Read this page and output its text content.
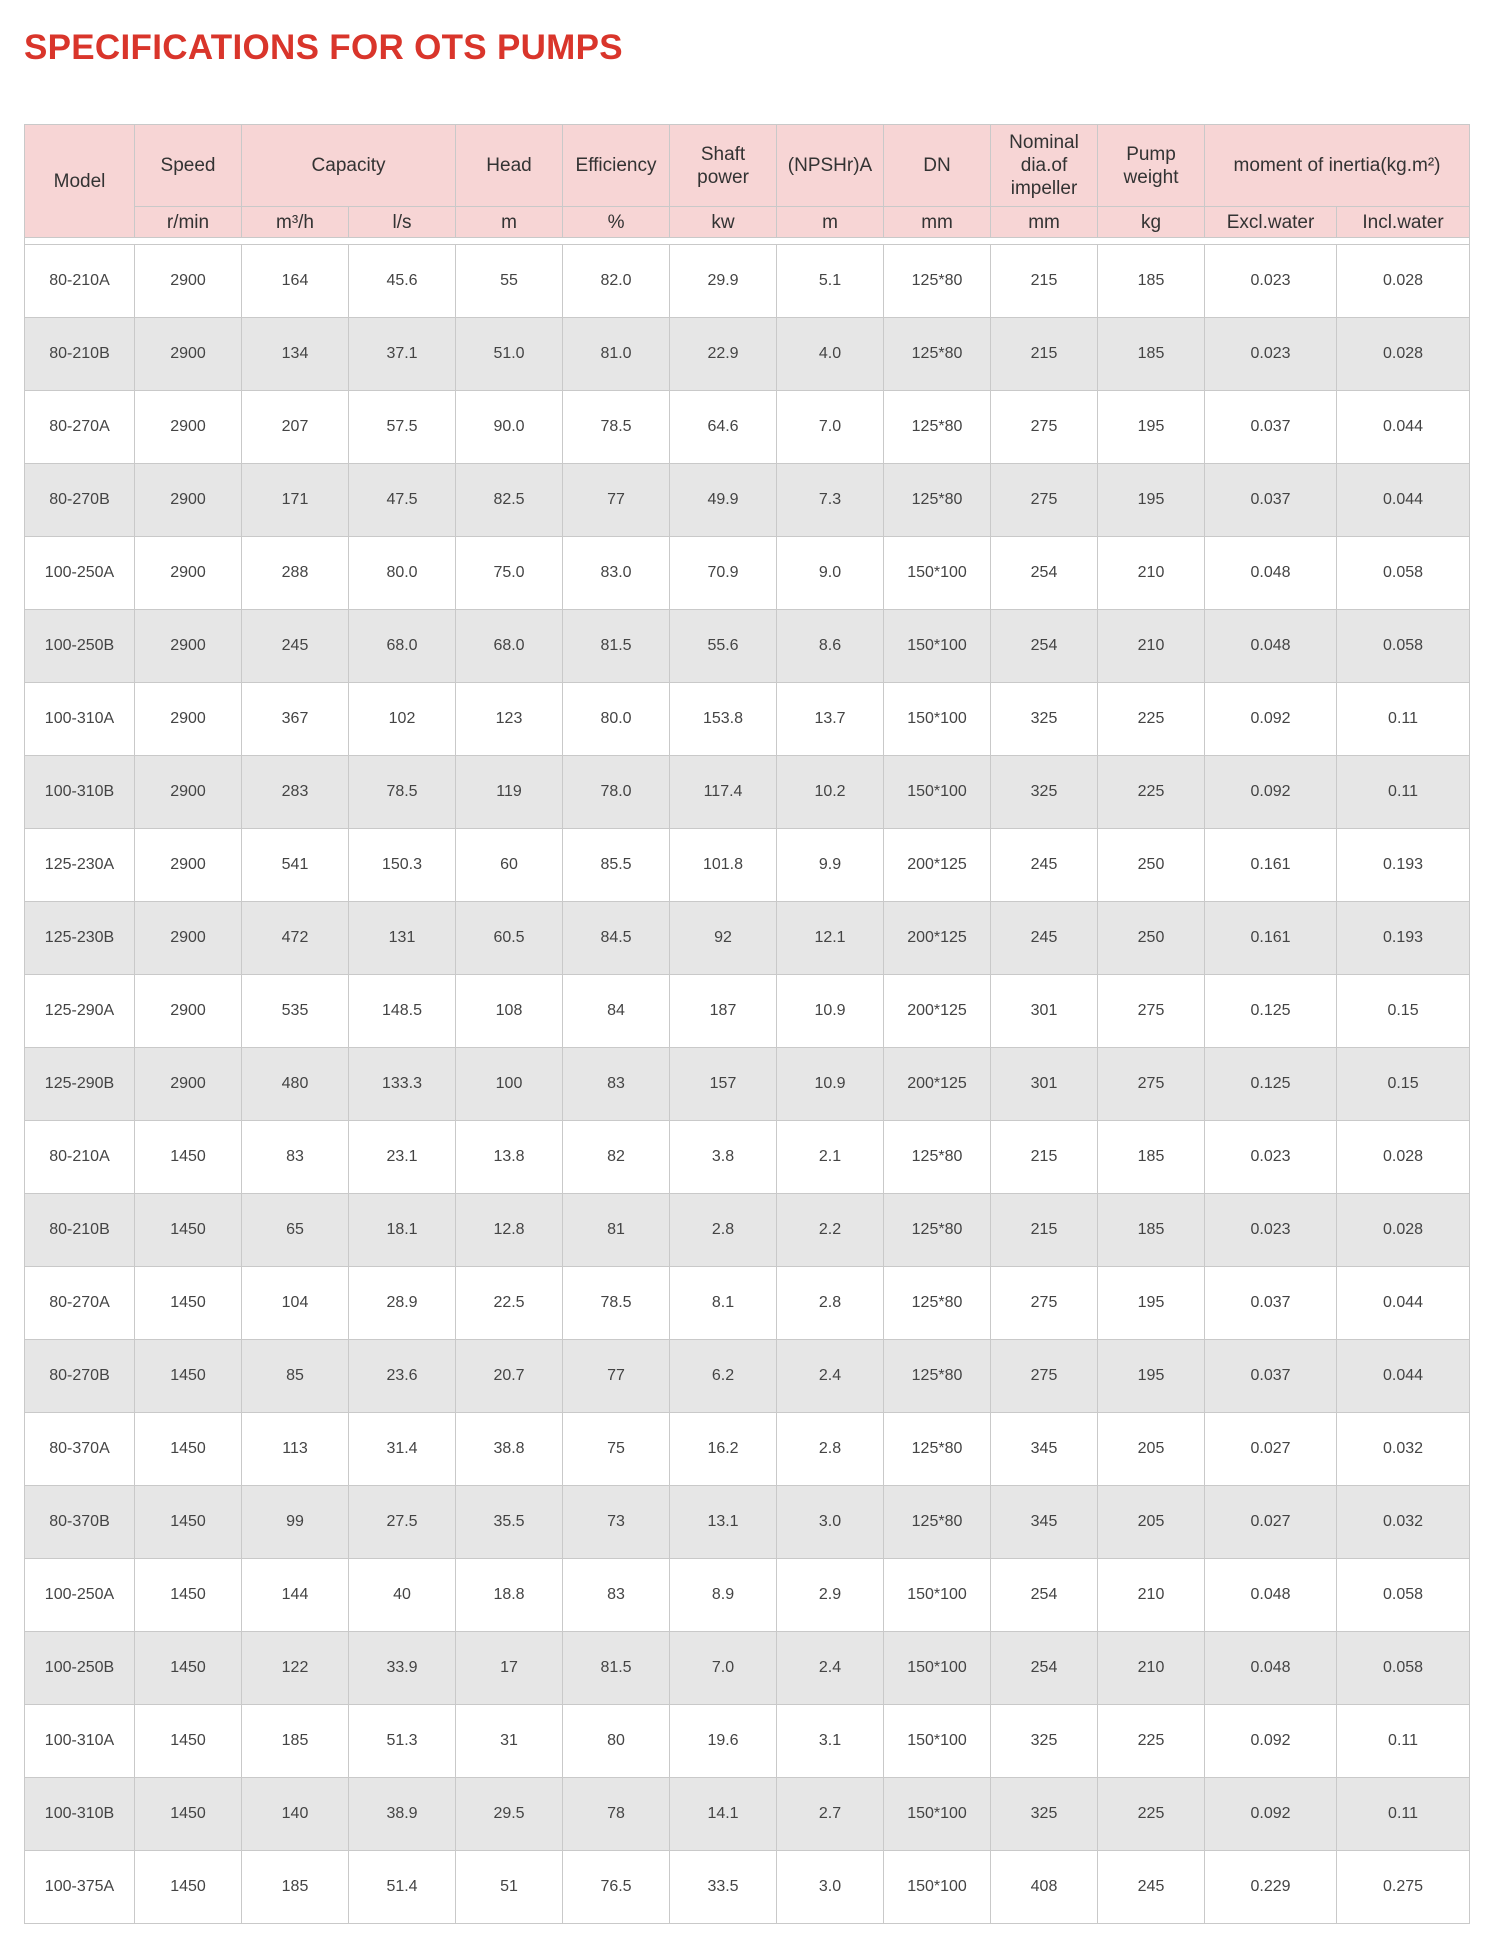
SPECIFICATIONS FOR OTS PUMPS
Model	Speed	Capacity		Head	Efficiency	Shaft power	(NPSHr)A	DN	Nominal dia.of impeller	Pump weight	moment of inertia(kg.m²)	
	r/min	m³/h	l/s	m	%	kw	m	mm	mm	kg	Excl.water	Incl.water

80-210A	2900	164	45.6	55	82.0	29.9	5.1	125*80	215	185	0.023	0.028
80-210B	2900	134	37.1	51.0	81.0	22.9	4.0	125*80	215	185	0.023	0.028
80-270A	2900	207	57.5	90.0	78.5	64.6	7.0	125*80	275	195	0.037	0.044
80-270B	2900	171	47.5	82.5	77	49.9	7.3	125*80	275	195	0.037	0.044
100-250A	2900	288	80.0	75.0	83.0	70.9	9.0	150*100	254	210	0.048	0.058
100-250B	2900	245	68.0	68.0	81.5	55.6	8.6	150*100	254	210	0.048	0.058
100-310A	2900	367	102	123	80.0	153.8	13.7	150*100	325	225	0.092	0.11
100-310B	2900	283	78.5	119	78.0	117.4	10.2	150*100	325	225	0.092	0.11
125-230A	2900	541	150.3	60	85.5	101.8	9.9	200*125	245	250	0.161	0.193
125-230B	2900	472	131	60.5	84.5	92	12.1	200*125	245	250	0.161	0.193
125-290A	2900	535	148.5	108	84	187	10.9	200*125	301	275	0.125	0.15
125-290B	2900	480	133.3	100	83	157	10.9	200*125	301	275	0.125	0.15
80-210A	1450	83	23.1	13.8	82	3.8	2.1	125*80	215	185	0.023	0.028
80-210B	1450	65	18.1	12.8	81	2.8	2.2	125*80	215	185	0.023	0.028
80-270A	1450	104	28.9	22.5	78.5	8.1	2.8	125*80	275	195	0.037	0.044
80-270B	1450	85	23.6	20.7	77	6.2	2.4	125*80	275	195	0.037	0.044
80-370A	1450	113	31.4	38.8	75	16.2	2.8	125*80	345	205	0.027	0.032
80-370B	1450	99	27.5	35.5	73	13.1	3.0	125*80	345	205	0.027	0.032
100-250A	1450	144	40	18.8	83	8.9	2.9	150*100	254	210	0.048	0.058
100-250B	1450	122	33.9	17	81.5	7.0	2.4	150*100	254	210	0.048	0.058
100-310A	1450	185	51.3	31	80	19.6	3.1	150*100	325	225	0.092	0.11
100-310B	1450	140	38.9	29.5	78	14.1	2.7	150*100	325	225	0.092	0.11
100-375A	1450	185	51.4	51	76.5	33.5	3.0	150*100	408	245	0.229	0.275
